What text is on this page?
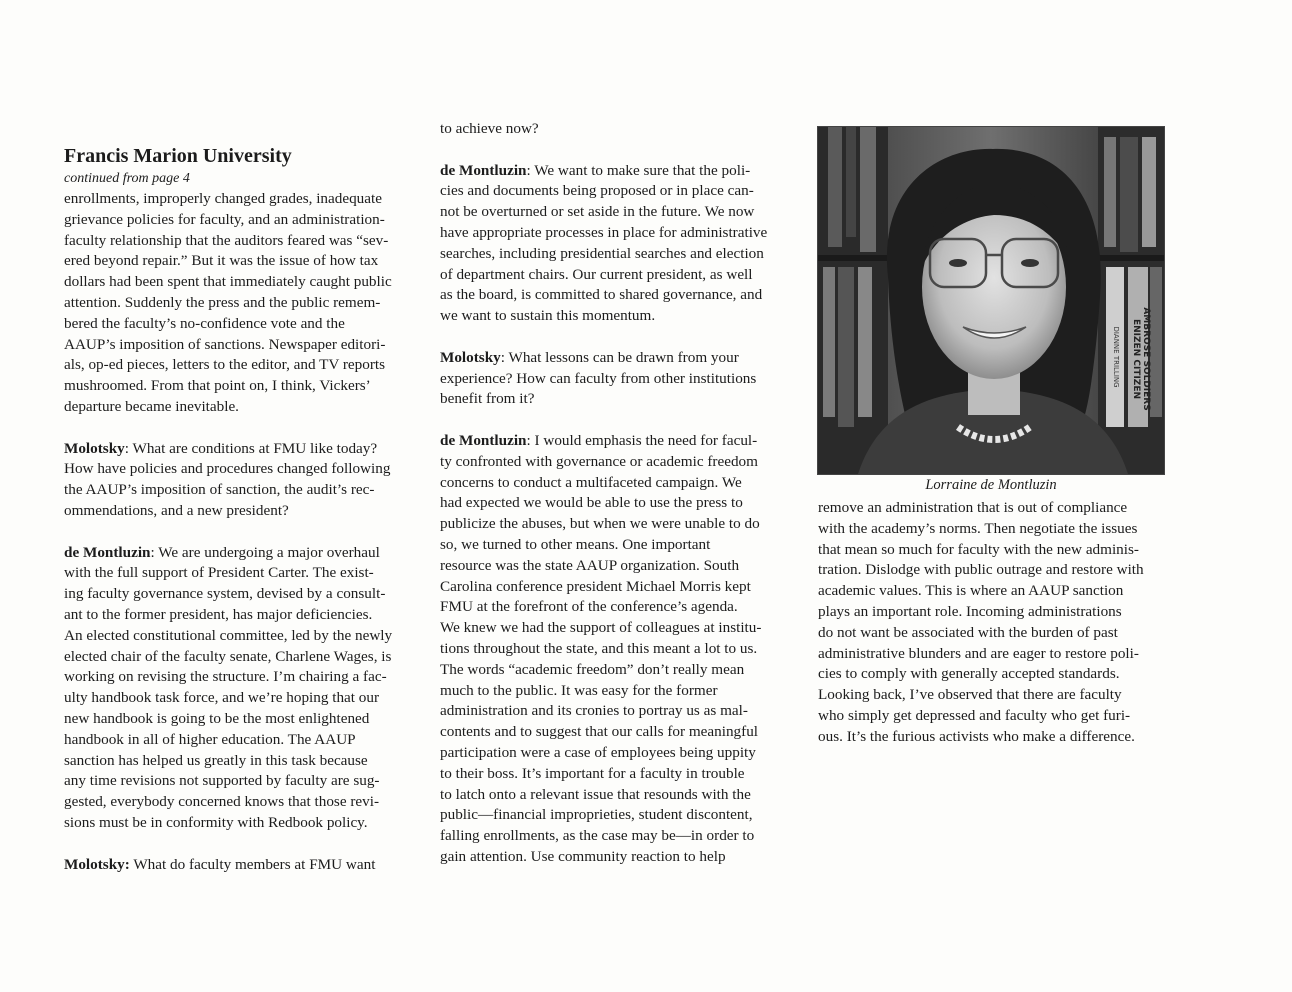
Francis Marion University
continued from page 4
enrollments, improperly changed grades, inadequate
grievance policies for faculty, and an administration-
faculty relationship that the auditors feared was “sev-
ered beyond repair.” But it was the issue of how tax
dollars had been spent that immediately caught public
attention. Suddenly the press and the public remem-
bered the faculty’s no-confidence vote and the
AAUP’s imposition of sanctions. Newspaper editori-
als, op-ed pieces, letters to the editor, and TV reports
mushroomed. From that point on, I think, Vickers’
departure became inevitable.
Molotsky: What are conditions at FMU like today?
How have policies and procedures changed following
the AAUP’s imposition of sanction, the audit’s rec-
ommendations, and a new president?
de Montluzin: We are undergoing a major overhaul
with the full support of President Carter. The exist-
ing faculty governance system, devised by a consult-
ant to the former president, has major deficiencies.
An elected constitutional committee, led by the newly
elected chair of the faculty senate, Charlene Wages, is
working on revising the structure. I’m chairing a fac-
ulty handbook task force, and we’re hoping that our
new handbook is going to be the most enlightened
handbook in all of higher education. The AAUP
sanction has helped us greatly in this task because
any time revisions not supported by faculty are sug-
gested, everybody concerned knows that those revi-
sions must be in conformity with Redbook policy.
Molotsky: What do faculty members at FMU want
to achieve now?
de Montluzin: We want to make sure that the poli-
cies and documents being proposed or in place can-
not be overturned or set aside in the future. We now
have appropriate processes in place for administrative
searches, including presidential searches and election
of department chairs. Our current president, as well
as the board, is committed to shared governance, and
we want to sustain this momentum.
Molotsky: What lessons can be drawn from your
experience? How can faculty from other institutions
benefit from it?
de Montluzin: I would emphasis the need for facul-
ty confronted with governance or academic freedom
concerns to conduct a multifaceted campaign. We
had expected we would be able to use the press to
publicize the abuses, but when we were unable to do
so, we turned to other means. One important
resource was the state AAUP organization. South
Carolina conference president Michael Morris kept
FMU at the forefront of the conference’s agenda.
We knew we had the support of colleagues at institu-
tions throughout the state, and this meant a lot to us.
The words “academic freedom” don’t really mean
much to the public. It was easy for the former
administration and its cronies to portray us as mal-
contents and to suggest that our calls for meaningful
participation were a case of employees being uppity
to their boss. It’s important for a faculty in trouble
to latch onto a relevant issue that resounds with the
public—financial improprieties, student discontent,
falling enrollments, as the case may be—in order to
gain attention. Use community reaction to help
ENIZEN CITIZEN AMBROSE SOLDIERS
DIANNE TRILLING
Lorraine de Montluzin
remove an administration that is out of compliance
with the academy’s norms. Then negotiate the issues
that mean so much for faculty with the new adminis-
tration. Dislodge with public outrage and restore with
academic values. This is where an AAUP sanction
plays an important role. Incoming administrations
do not want be associated with the burden of past
administrative blunders and are eager to restore poli-
cies to comply with generally accepted standards.
Looking back, I’ve observed that there are faculty
who simply get depressed and faculty who get furi-
ous. It’s the furious activists who make a difference.
